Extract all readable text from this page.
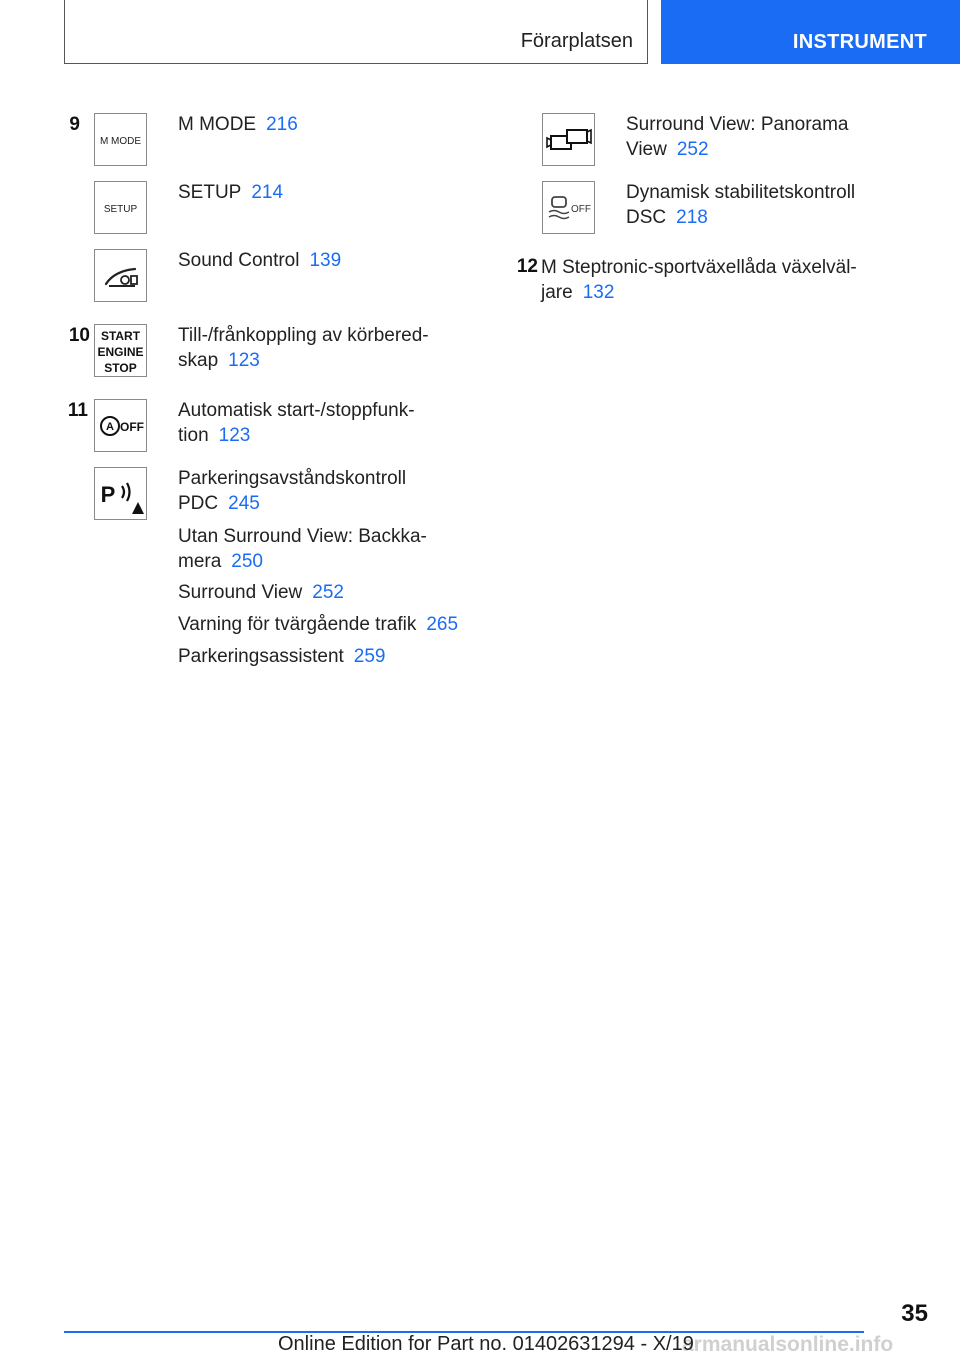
Förarplatsen	INSTRUMENT
9
M MODE
M MODE 216
SETUP
SETUP 214
Sound Control 139
10 START
ENGINE
STOP
Till-/frånkoppling av körbered-
skap 123
11
A OFF
Automatisk start-/stoppfunk-
tion 123
P
Parkeringsavståndskontroll
PDC 245
Utan Surround View: Backka-
mera 250
Surround View 252
Varning för tvärgående trafik 265
Parkeringsassistent 259
Surround View: Panorama
View 252
OFF
Dynamisk stabilitetskontroll
DSC 218
12 M Steptronic-sportväxellåda växelväl-
jare 132
35
armanualsonline.info
Online Edition for Part no. 01402631294 - X/19
